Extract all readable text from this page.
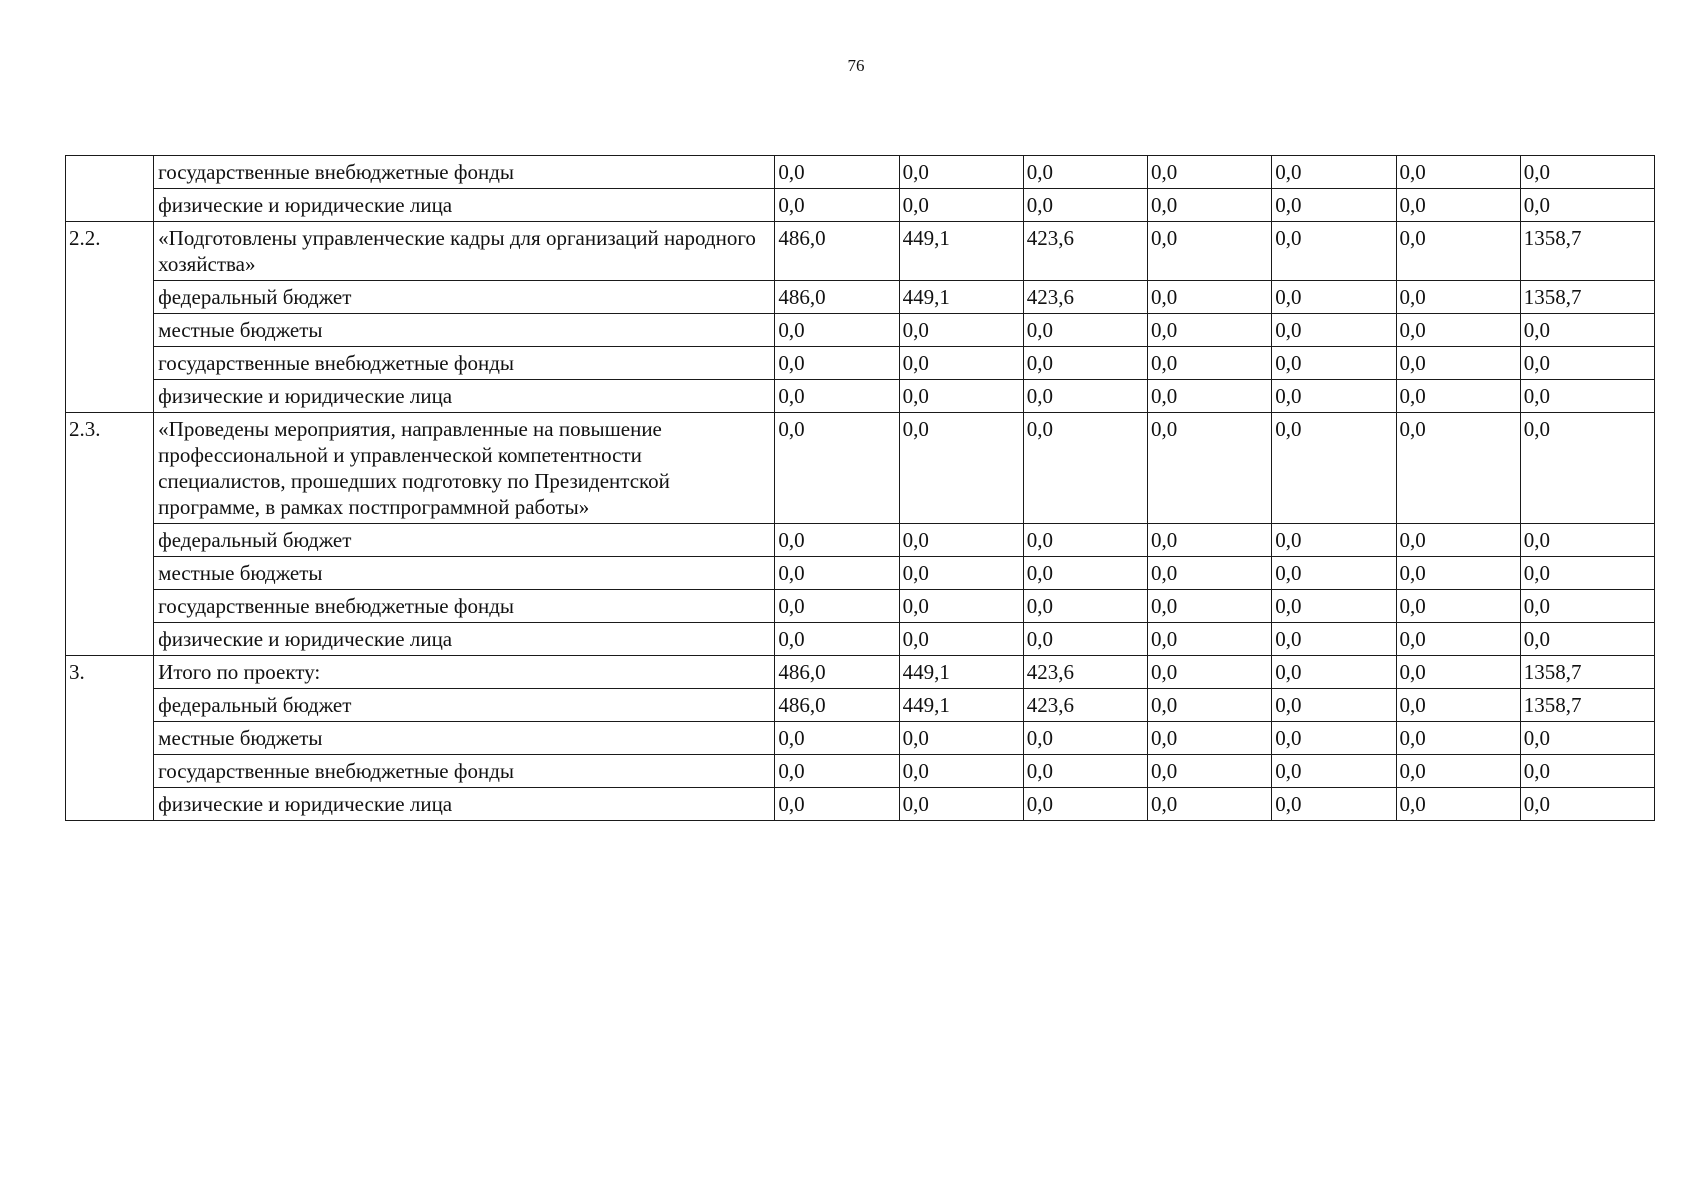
76
	государственные внебюджетные фонды	0,0	0,0	0,0	0,0	0,0	0,0	0,0
	физические и юридические лица	0,0	0,0	0,0	0,0	0,0	0,0	0,0
2.2.	«Подготовлены управленческие кадры для организаций народного хозяйства»	486,0	449,1	423,6	0,0	0,0	0,0	1358,7
	федеральный бюджет	486,0	449,1	423,6	0,0	0,0	0,0	1358,7
	местные бюджеты	0,0	0,0	0,0	0,0	0,0	0,0	0,0
	государственные внебюджетные фонды	0,0	0,0	0,0	0,0	0,0	0,0	0,0
	физические и юридические лица	0,0	0,0	0,0	0,0	0,0	0,0	0,0
2.3.	«Проведены мероприятия, направленные на повышение профессиональной и управленческой компетентности специалистов, прошедших подготовку по Президентской программе, в рамках постпрограммной работы»	0,0	0,0	0,0	0,0	0,0	0,0	0,0
	федеральный бюджет	0,0	0,0	0,0	0,0	0,0	0,0	0,0
	местные бюджеты	0,0	0,0	0,0	0,0	0,0	0,0	0,0
	государственные внебюджетные фонды	0,0	0,0	0,0	0,0	0,0	0,0	0,0
	физические и юридические лица	0,0	0,0	0,0	0,0	0,0	0,0	0,0
3.	Итого по проекту:	486,0	449,1	423,6	0,0	0,0	0,0	1358,7
	федеральный бюджет	486,0	449,1	423,6	0,0	0,0	0,0	1358,7
	местные бюджеты	0,0	0,0	0,0	0,0	0,0	0,0	0,0
	государственные внебюджетные фонды	0,0	0,0	0,0	0,0	0,0	0,0	0,0
	физические и юридические лица	0,0	0,0	0,0	0,0	0,0	0,0	0,0
